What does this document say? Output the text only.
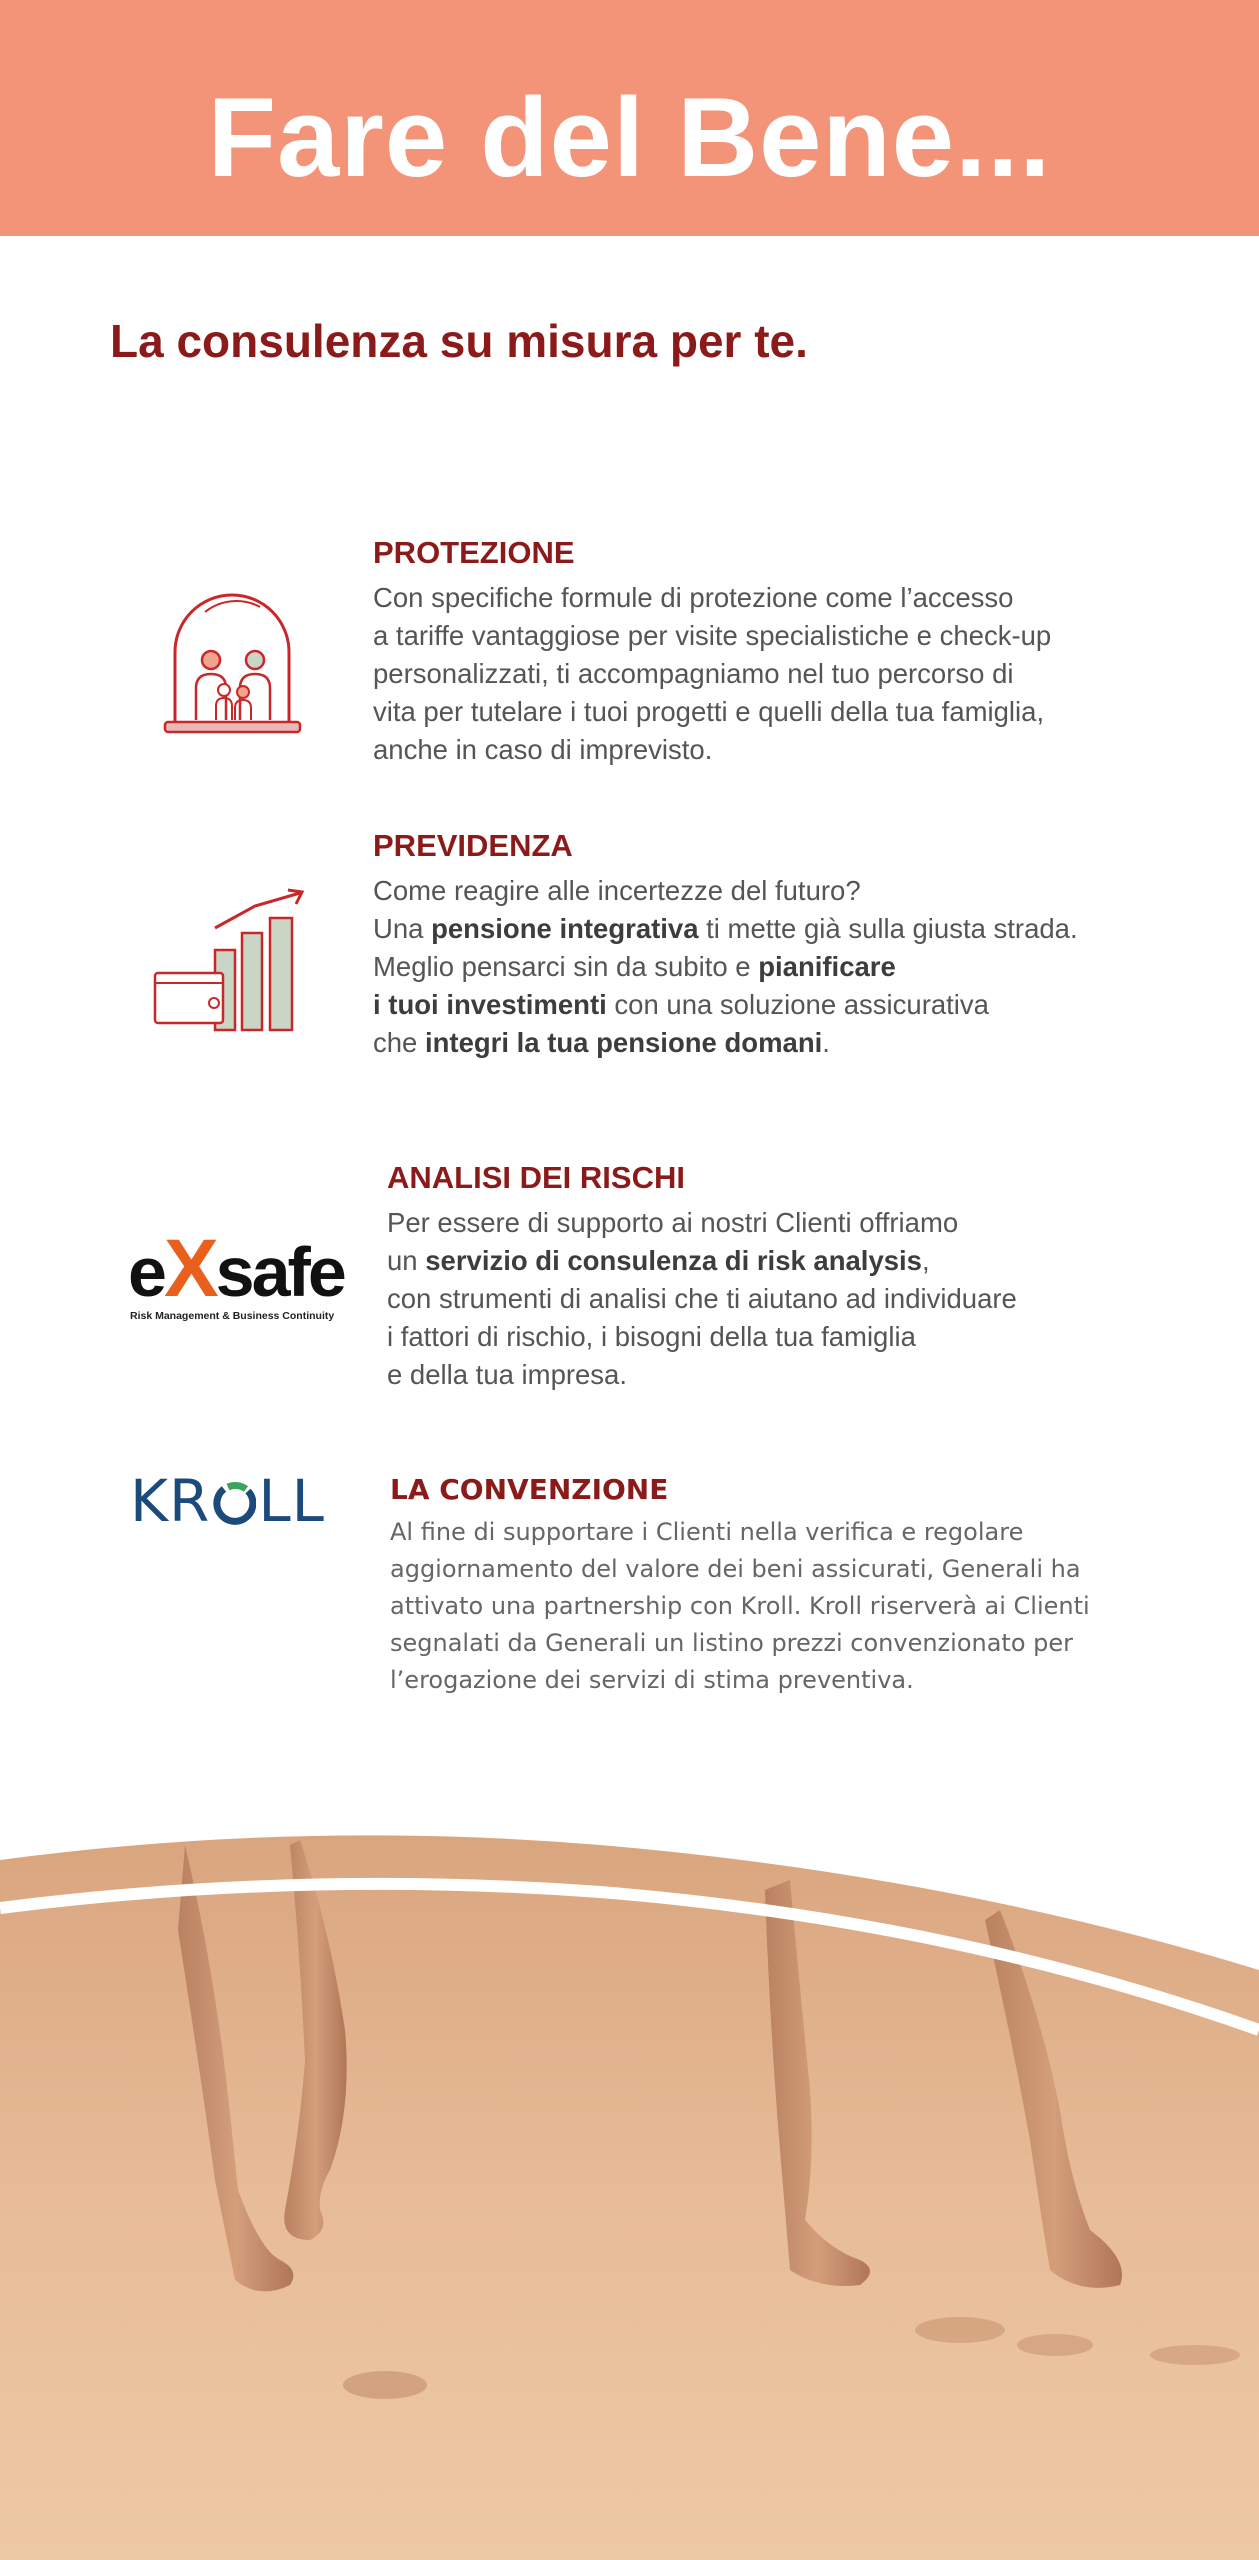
Fare del Bene...
La consulenza su misura per te.
PROTEZIONE

Con specifiche formule di protezione come l’accesso
a tariffe vantaggiose per visite specialistiche e check-up
personalizzati, ti accompagniamo nel tuo percorso di
vita per tutelare i tuoi progetti e quelli della tua famiglia,
anche in caso di imprevisto.

PREVIDENZA

Come reagire alle incertezze del futuro?
Una pensione integrativa ti mette già sulla giusta strada.
Meglio pensarci sin da subito e pianificare
i tuoi investimenti con una soluzione assicurativa
che integri la tua pensione domani.

eXsafe
Risk Management & Business Continuity
ANALISI DEI RISCHI

Per essere di supporto ai nostri Clienti offriamo
un servizio di consulenza di risk analysis,
con strumenti di analisi che ti aiutano ad individuare
i fattori di rischio, i bisogni della tua famiglia
e della tua impresa.

KR LL LA CONVENZIONE

Al fine di supportare i Clienti nella verifica e regolare
aggiornamento del valore dei beni assicurati, Generali ha
attivato una partnership con Kroll. Kroll riserverà ai Clienti
segnalati da Generali un listino prezzi convenzionato per
l’erogazione dei servizi di stima preventiva.
